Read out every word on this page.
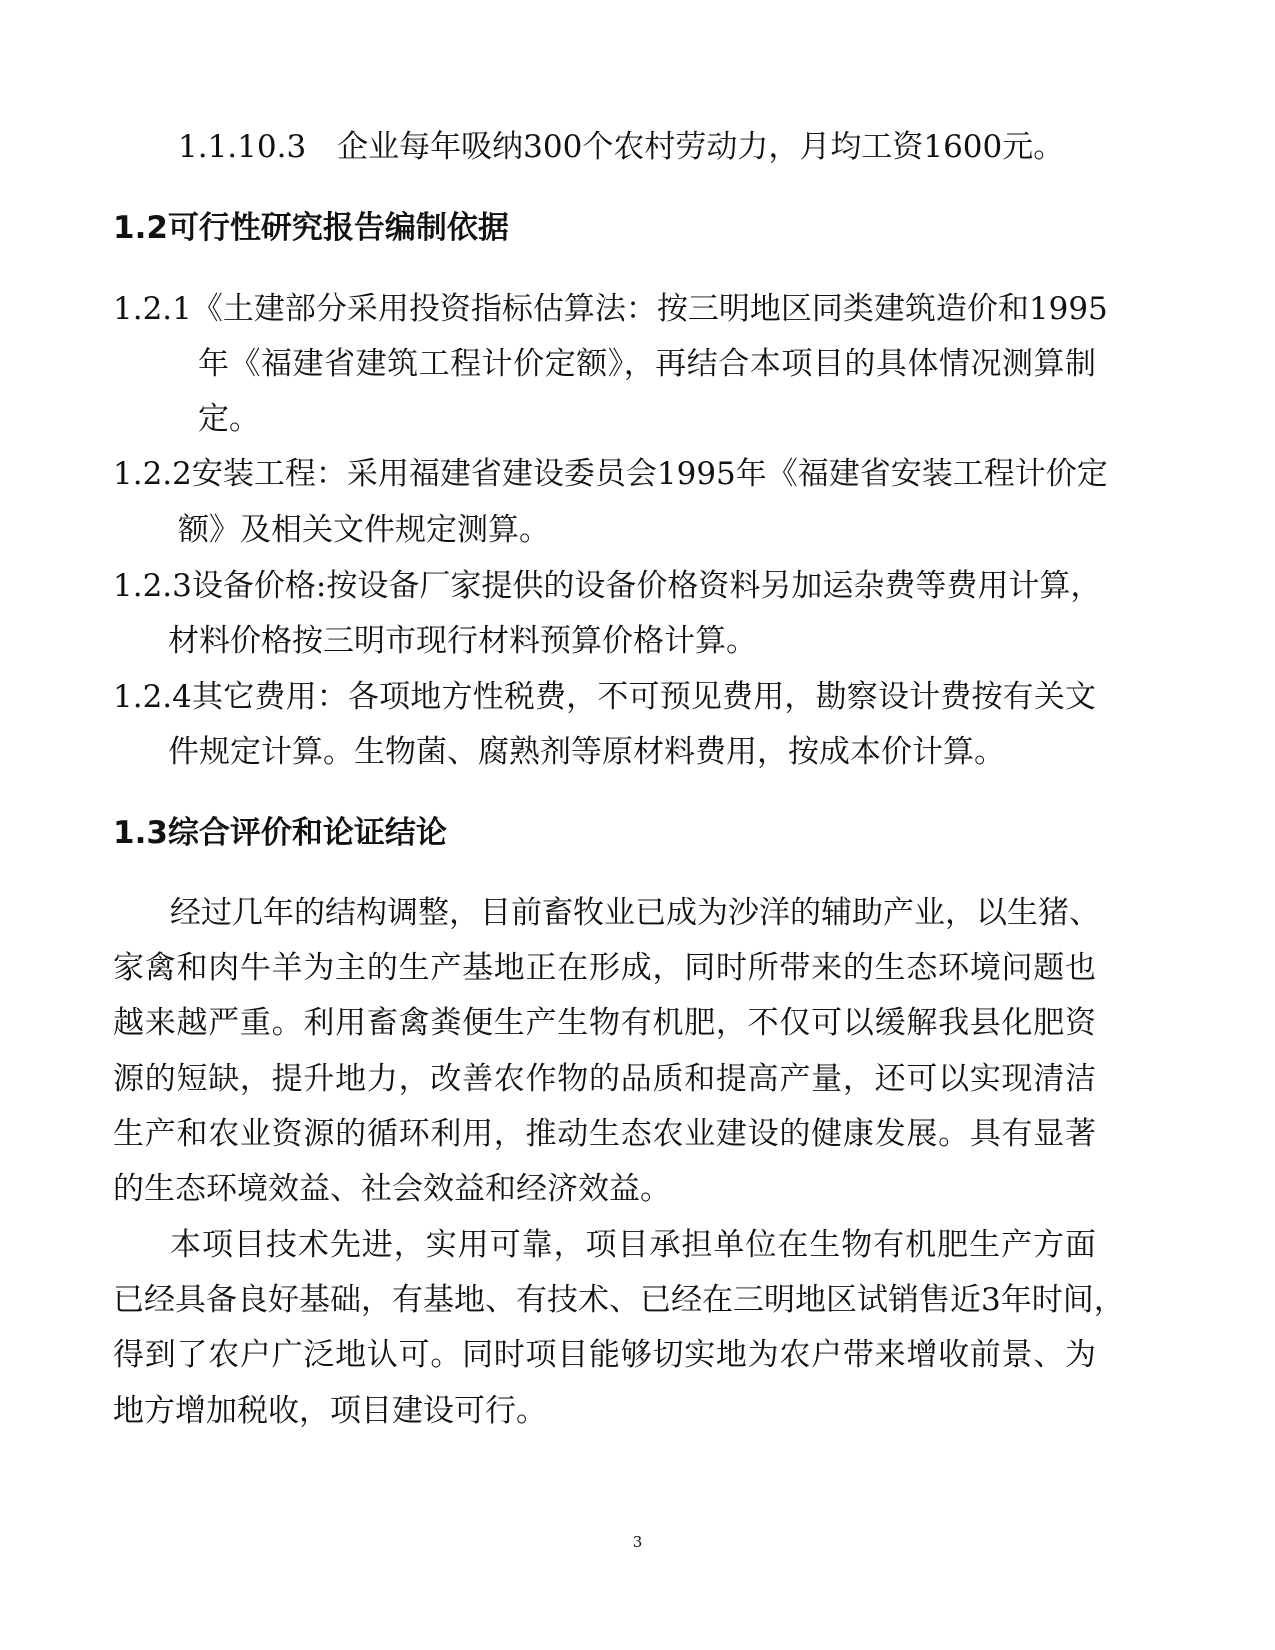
1.1.10.3　企业每年吸纳300个农村劳动力，月均工资1600元。
1.2可行性研究报告编制依据
1.2.1《土建部分采用投资指标估算法：按三明地区同类建筑造价和1995
年《福建省建筑工程计价定额》，再结合本项目的具体情况测算制
定。
1.2.2安装工程：采用福建省建设委员会1995年《福建省安装工程计价定
额》及相关文件规定测算。
1.2.3设备价格:按设备厂家提供的设备价格资料另加运杂费等费用计算，
材料价格按三明市现行材料预算价格计算。
1.2.4其它费用：各项地方性税费，不可预见费用，勘察设计费按有关文
件规定计算。生物菌、腐熟剂等原材料费用，按成本价计算。
1.3综合评价和论证结论
经过几年的结构调整，目前畜牧业已成为沙洋的辅助产业，以生猪、
家禽和肉牛羊为主的生产基地正在形成，同时所带来的生态环境问题也
越来越严重。利用畜禽粪便生产生物有机肥，不仅可以缓解我县化肥资
源的短缺，提升地力，改善农作物的品质和提高产量，还可以实现清洁
生产和农业资源的循环利用，推动生态农业建设的健康发展。具有显著
的生态环境效益、社会效益和经济效益。
本项目技术先进，实用可靠，项目承担单位在生物有机肥生产方面
已经具备良好基础，有基地、有技术、已经在三明地区试销售近3年时间，
得到了农户广泛地认可。同时项目能够切实地为农户带来增收前景、为
地方增加税收，项目建设可行。
3
